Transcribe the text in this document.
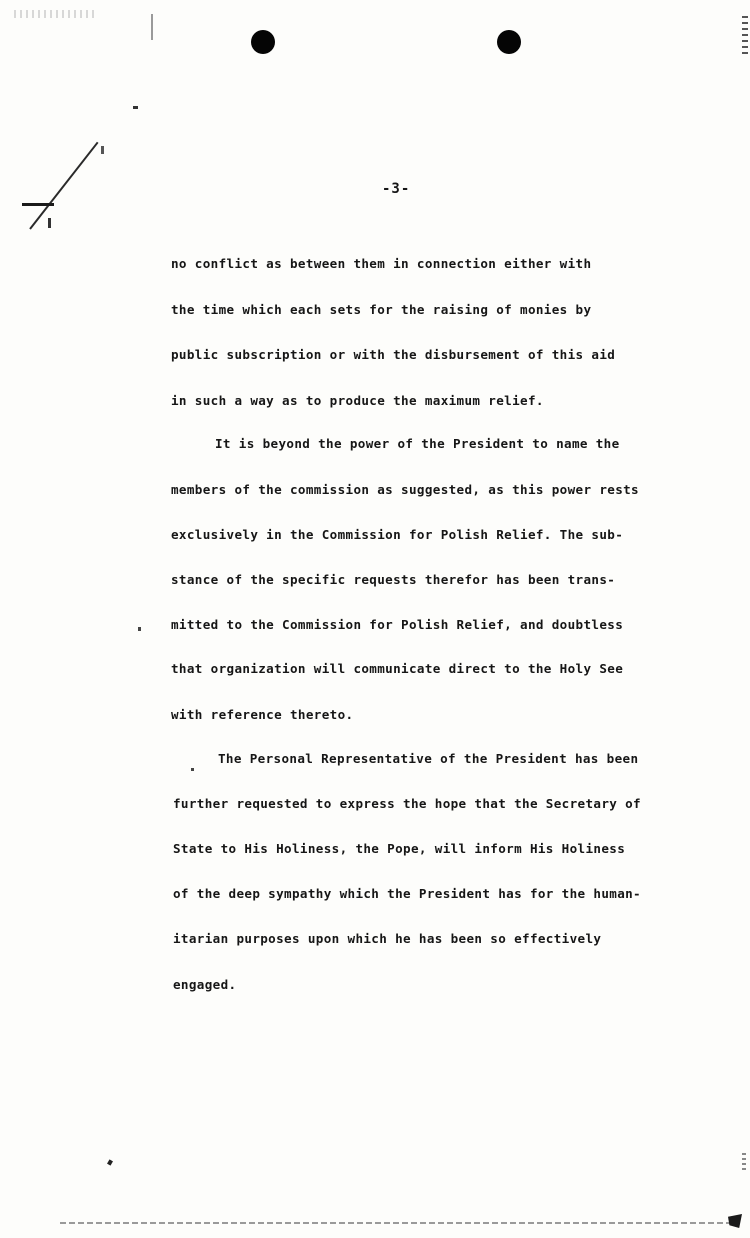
-3-
no conflict as between them in connection either with
the time which each sets for the raising of monies by
public subscription or with the disbursement of this aid
in such a way as to produce the maximum relief.
It is beyond the power of the President to name the
members of the commission as suggested, as this power rests
exclusively in the Commission for Polish Relief. The sub-
stance of the specific requests therefor has been trans-
mitted to the Commission for Polish Relief, and doubtless
that organization will communicate direct to the Holy See
with reference thereto.
The Personal Representative of the President has been
further requested to express the hope that the Secretary of
State to His Holiness, the Pope, will inform His Holiness
of the deep sympathy which the President has for the human-
itarian purposes upon which he has been so effectively
engaged.
